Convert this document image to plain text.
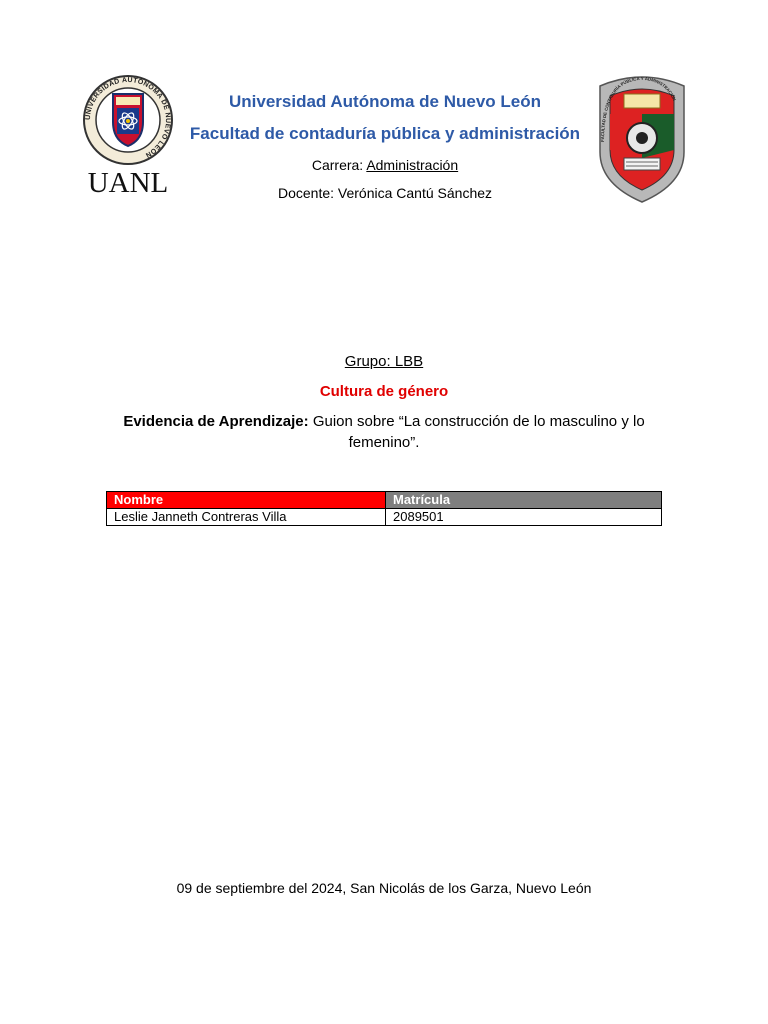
UNIVERSIDAD AUTÓNOMA DE NUEVO LEÓN
UANL
FACULTAD DE CONTADURÍA PÚBLICA Y ADMINISTRACIÓN
Universidad Autónoma de Nuevo León
Facultad de contaduría pública y administración
Carrera: Administración
Docente: Verónica Cantú Sánchez
Grupo: LBB
Cultura de género
Evidencia de Aprendizaje: Guion sobre “La construcción de lo masculino y lo femenino”.
Nombre	Matrícula
Leslie Janneth Contreras Villa	2089501
09 de septiembre del 2024, San Nicolás de los Garza, Nuevo León
